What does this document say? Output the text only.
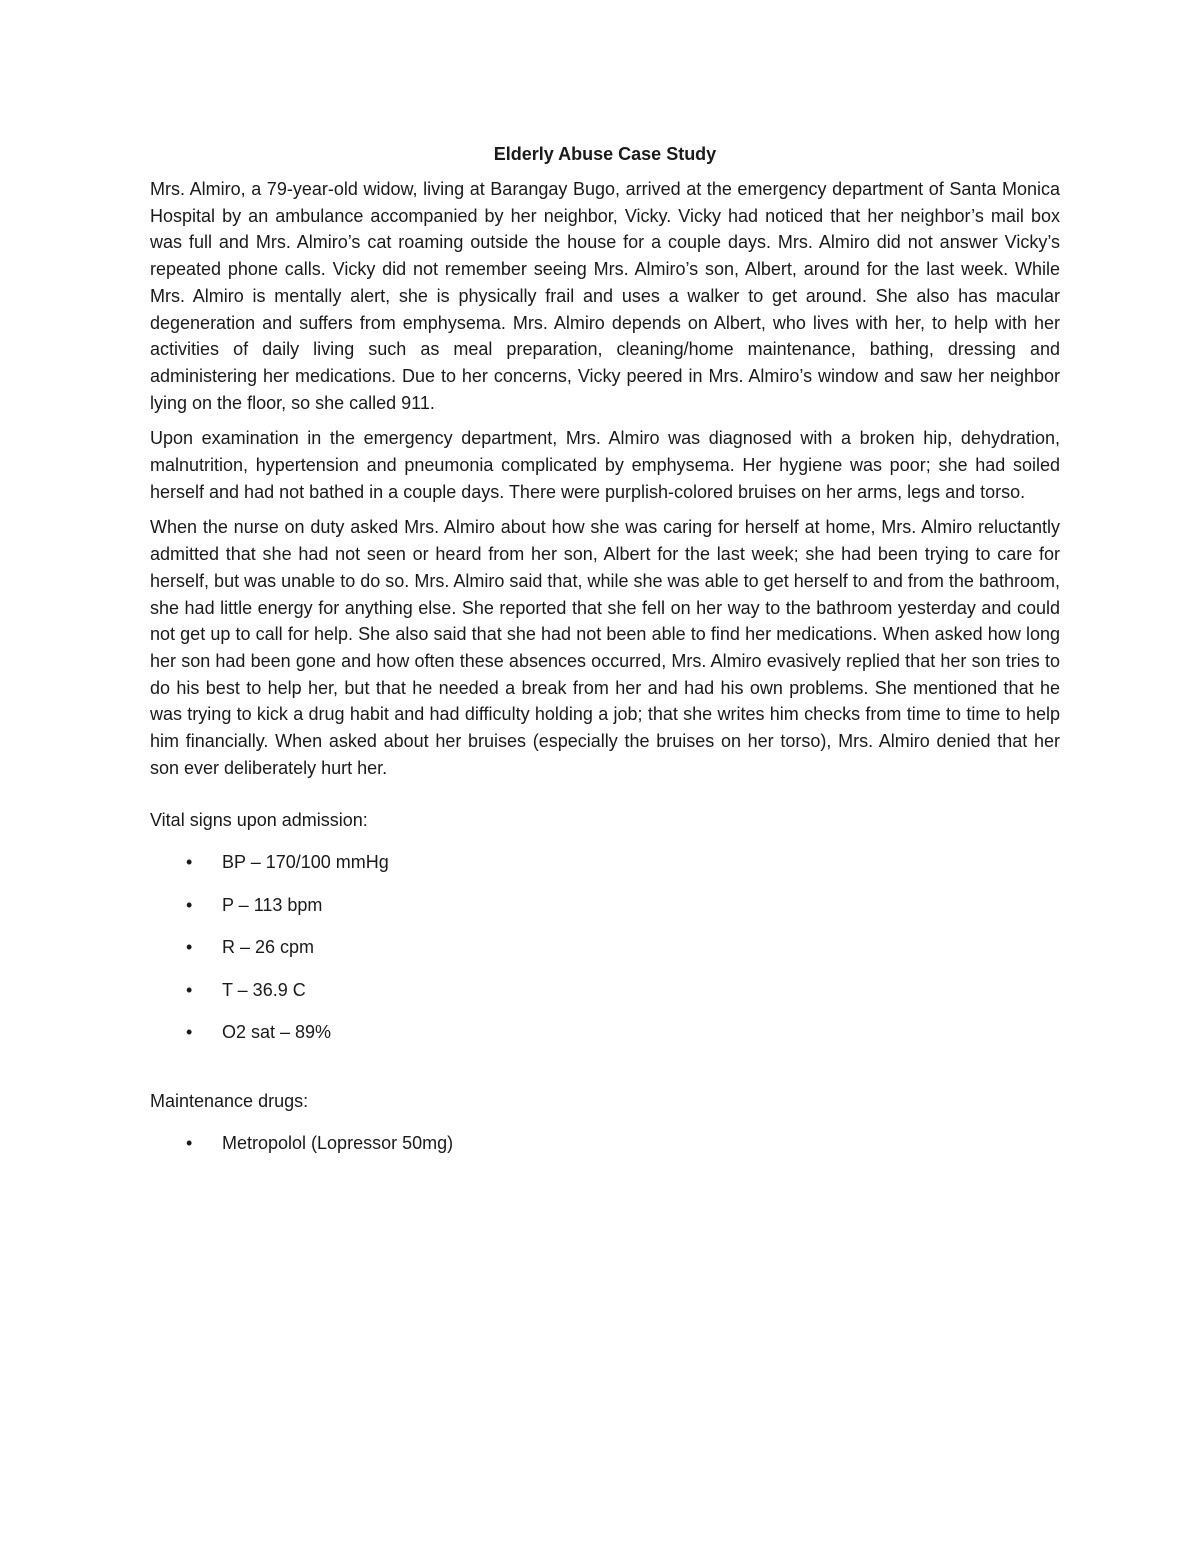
Elderly Abuse Case Study

Mrs. Almiro, a 79-year-old widow, living at Barangay Bugo, arrived at the emergency department of Santa Monica Hospital by an ambulance accompanied by her neighbor, Vicky. Vicky had noticed that her neighbor’s mail box was full and Mrs. Almiro’s cat roaming outside the house for a couple days. Mrs. Almiro did not answer Vicky’s repeated phone calls. Vicky did not remember seeing Mrs. Almiro’s son, Albert, around for the last week. While Mrs. Almiro is mentally alert, she is physically frail and uses a walker to get around. She also has macular degeneration and suffers from emphysema. Mrs. Almiro depends on Albert, who lives with her, to help with her activities of daily living such as meal preparation, cleaning/home maintenance, bathing, dressing and administering her medications. Due to her concerns, Vicky peered in Mrs. Almiro’s window and saw her neighbor lying on the floor, so she called 911.

Upon examination in the emergency department, Mrs. Almiro was diagnosed with a broken hip, dehydration, malnutrition, hypertension and pneumonia complicated by emphysema. Her hygiene was poor; she had soiled herself and had not bathed in a couple days. There were purplish-colored bruises on her arms, legs and torso.

When the nurse on duty asked Mrs. Almiro about how she was caring for herself at home, Mrs. Almiro reluctantly admitted that she had not seen or heard from her son, Albert for the last week; she had been trying to care for herself, but was unable to do so. Mrs. Almiro said that, while she was able to get herself to and from the bathroom, she had little energy for anything else. She reported that she fell on her way to the bathroom yesterday and could not get up to call for help. She also said that she had not been able to find her medications. When asked how long her son had been gone and how often these absences occurred, Mrs. Almiro evasively replied that her son tries to do his best to help her, but that he needed a break from her and had his own problems. She mentioned that he was trying to kick a drug habit and had difficulty holding a job; that she writes him checks from time to time to help him financially. When asked about her bruises (especially the bruises on her torso), Mrs. Almiro denied that her son ever deliberately hurt her.

Vital signs upon admission:

• BP – 170/100 mmHg
• P – 113 bpm
• R – 26 cpm
• T – 36.9 C
• O2 sat – 89%

Maintenance drugs:

• Metropolol (Lopressor 50mg)
